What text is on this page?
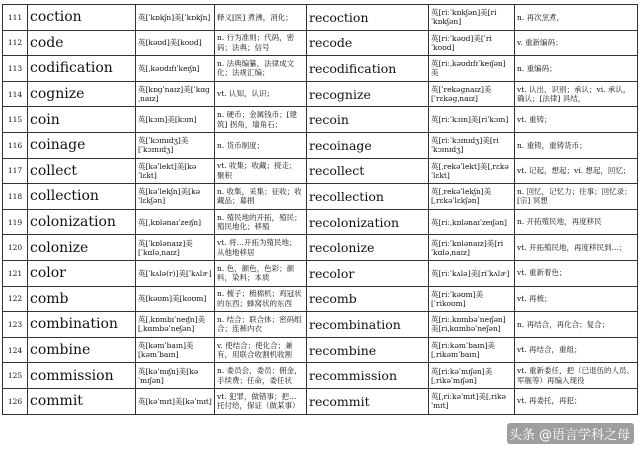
111	coction	英[ˈkɒkʃn]美[ˈkɒkʃn]	释义[医] 煮沸，消化；	recoction	英[riːˈkɒkʃən]美[riˈkɒkʃən]	n. 再次烹煮，

112	code	英[kəʊd]美[koʊd]	n. 行为准则；代码，密码；法典；信号	recode	英[riːˈkəʊd]美[ˈriˈkoʊd]	v. 重新编码；

113	codification	英[ˌkəʊdɪfɪˈkeɪʃn]	n. 法典编纂，法律成文化；法规汇编；	recodification	英[riːˌkəʊdɪfɪˈkeɪʃən]美	n. 重编码；

114	cognize	英[kɒɡˈnaɪz]美[ˈkɑɡˌnaɪz]	vt. 认知，认识；	recognize	英[ˈrekəɡnaɪz]美[ˈrɛkəɡˌnaɪz]	vt. 认出，识别；承认；vi. 承认，确认；[法律] 具结，

115	coin	英[kɔɪn]美[kɔɪn]	n. 硬币；金属钱币；[建筑] 拐角，墙角石；	recoin	英[riːˈkɔɪn]美[riˈkɔɪn]	vt. 重铸；

116	coinage	英[ˈkɔɪnɪdʒ]美[ˈkɔɪnɪdʒ]	n. 货币制度；	recoinage	英[riːˈkɔɪnɪdʒ]美[riˈkɔɪnɪdʒ]	n. 重铸，重铸货币；

117	collect	英[kəˈlekt]美[kəˈlɛkt]	vt. 收集；收藏；接走；聚积	recollect	英[ˌrekəˈlekt]美[ˌrɛkəˈlɛkt]	vt. 记起，想起；vi. 想起，回忆；

118	collection	英[kəˈlekʃn]美[kəˈlɛkʃən]	n. 收集，采集；征收；收藏品；募捐	recollection	英[ˌrekəˈlekʃn]美[ˌrɛkəˈlɛkʃən]	n. 回忆，记忆力；往事；回忆录；[宗] 冥想

119	colonization	英[ˌkɒlənaɪˈzeɪʃn]	n. 殖民地的开拓，殖民；殖民地化；移殖	recolonization	英[riːˌkɒlənaɪˈzeɪʃən]	n. 开拓殖民地，再度移民

120	colonize	英[ˈkɒlənaɪz]美[ˈkɑləˌnaɪz]	vt. 将…开拓为殖民地；从他地移居	recolonize	英[riːˈkɒlənaɪz]美[riˈkɑləˌnaɪz]	vt. 开拓殖民地，再度移民到…；

121	color	英[ˈkʌlə(r)]美[ˈkʌlɚ]	n. 色，颜色，色彩；颜料，染料；本质	recolor	英[riːˈkʌlə]美[riˈkʌlɚ]	vt. 重新着色；

122	comb	英[kəʊm]美[koʊm]	n. 梳子；梳棉机；鸡冠状的东西；蜂窝状的东西	recomb	英[riːˈkəʊm]美[ˈrikoʊm]	vt. 再梳；

123	combination	英[ˌkɒmbɪˈneɪʃn]美[ˌkɑmbəˈneʃən]	n. 结合；联合体；密码组合；连裤内衣	recombination	英[riːˌkɒmbəˈneɪʃən]美[riˌkɑmbəˈneʃən]	n. 再结合，再化合；复合；

124	combine	英[kəmˈbaɪn]美[kəmˈbaɪn]	v. 使结合；使化合；兼有，用联合收割机收割	recombine	英[riːkəmˈbaɪn]美[ˌrikəmˈbaɪn]	vt. 再结合，重组；

125	commission	英[kəˈmɪʃn]美[kəˈmɪʃən]	n. 委员会，委员；佣金，手续费；任命，委任状	recommission	英[riːkəˈmɪʃən]美[ˌrikəˈmɪʃən]	vt. 重新委任，把（已退伍的人员、军舰等）再编入现役

126	commit	英[kəˈmɪt]美[kəˈmɪt]	vt. 犯罪，做错事；把…托付给，保证（做某事）	recommit	英[ˌriːkəˈmɪt]美[ˌrikəˈmɪt]	vt. 再委托，再犯；
头条 @语言学科之母
